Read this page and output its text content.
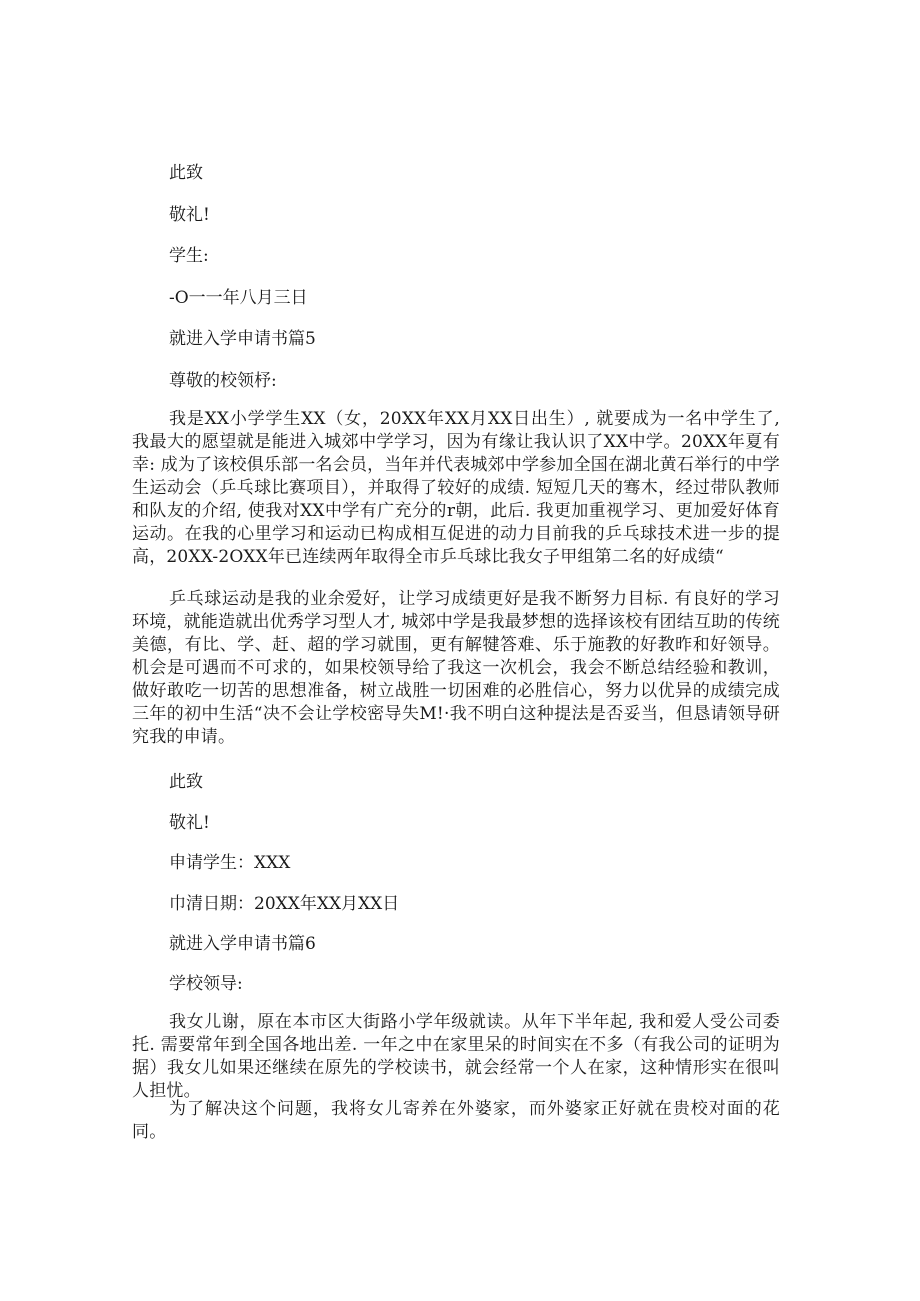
此致
敬礼!
学生:
-O一一年八月三日
就进入学申请书篇5
尊敬的校领杼:
我是XX小学学生XX（女，20XX年XX月XX日出生）, 就要成为一名中学生了, 我最大的愿望就是能进入城郊中学学习，因为有缘让我认识了XX中学。20XX年夏有幸: 成为了该校俱乐部一名会员，当年并代表城郊中学参加全国在湖北黄石举行的中学生运动会（乒乓球比赛项目），并取得了较好的成绩. 短短几天的骞木，经过带队教师和队友的介绍, 使我对XX中学有广充分的r朝，此后. 我更加重视学习、更加爱好体育运动。在我的心里学习和运动已构成相互促进的动力目前我的乒乓球技术进一步的提高，20XX-2OXX年已连续两年取得全市乒乓球比我女子甲组第二名的好成绩“
乒乓球运动是我的业余爱好，让学习成绩更好是我不断努力目标. 有良好的学习环境，就能造就出优秀学习型人才, 城郊中学是我最梦想的选择该校有团结互助的传统美德，有比、学、赶、超的学习就围，更有解犍答难、乐于施教的好教昨和好领导。机会是可遇而不可求的，如果校领导给了我这一次机会，我会不断总结经验和教训，做好敢吃一切苦的思想准备，树立战胜一切困难的必胜信心，努力以优异的成绩完成三年的初中生活“决不会让学校密导失M!·我不明白这种提法是否妥当，但恳请领导研究我的申请。
此致
敬礼!
申请学生：XXX
巾清日期：20XX年XX月XX日
就进入学申请书篇6
学校领导:
我女儿谢，原在本市区大街路小学年级就读。从年下半年起, 我和爱人受公司委托. 需要常年到全国各地出差. 一年之中在家里呆的时间实在不多（有我公司的证明为据）我女儿如果还继续在原先的学校读书，就会经常一个人在家，这种情形实在很叫人担忧。
为了解决这个问题，我将女儿寄养在外婆家，而外婆家正好就在贵校对面的花同。
